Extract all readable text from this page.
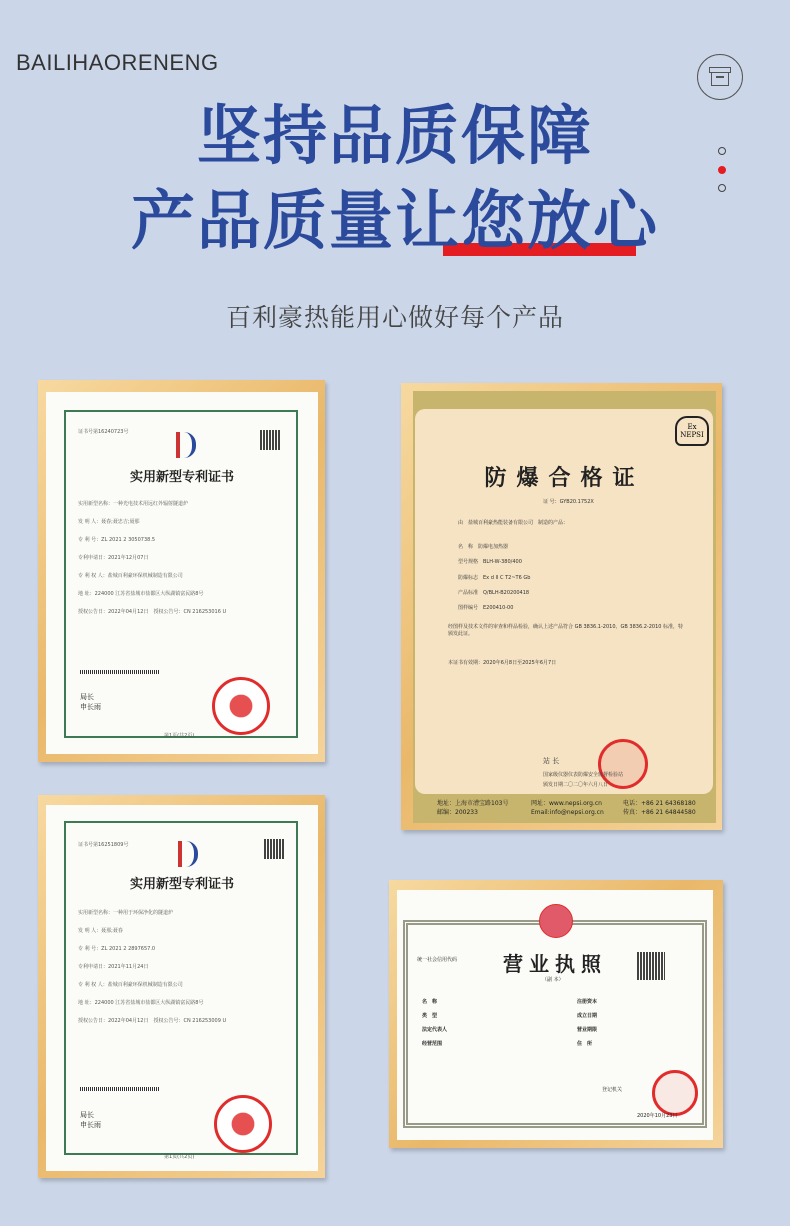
BAILIHAORENENG
坚持品质保障
产品质量让您放心
百利豪热能用心做好每个产品
证书号第16240723号
实用新型专利证书
实用新型名称：一种光电技术用远红外辐射隧道炉
发 明 人：聂春;聂忠吉;聂那
专 利 号：ZL 2021 2 3050738.5
专利申请日：2021年12月07日
专 利 权 人：盐城百利豪环保机械制造有限公司
地 址：224000 江苏省盐城市盐都区大纵湖镇富民路8号
授权公告日：2022年04月12日　授权公告号：CN 216253016 U
局长
申长雨
第1页(共2页)
Ex NEPSI
防爆合格证
证 号：GYB20.1752X
由　盐城百利豪热能装备有限公司　制造的产品：
名　称　防爆电加热器
型号规格　BLH-W-380/400
防爆标志　Ex d II C T2~T6 Gb
产品标准　Q/BLH-B20200418
图样编号　E200410-00
经图样及技术文件的审查和样品检验，确认上述产品符合 GB 3836.1-2010、GB 3836.2-2010 标准，特颁发此证。
本证书有效期：2020年6月8日至2025年6月7日
站 长
国家级仪器仪表防爆安全监督检验站
颁发日期二〇二〇年六月八日
地址：上海市漕宝路103号
邮编：200233
网址：www.nepsi.org.cn
Email:info@nepsi.org.cn
电话：+86 21 64368180
传真：+86 21 64844580
证书号第16251809号
实用新型专利证书
实用新型名称：一种用于环保净化的隧道炉
发 明 人：聂那;聂春
专 利 号：ZL 2021 2 2897657.0
专利申请日：2021年11月24日
专 利 权 人：盐城百利豪环保机械制造有限公司
地 址：224000 江苏省盐城市盐都区大纵湖镇富民路8号
授权公告日：2022年04月12日　授权公告号：CN 216253009 U
局长
申长雨
第1页(共2页)
统一社会信用代码	营业执照
（副 本）
名　称
类　型
法定代表人
经营范围
注册资本
成立日期
营业期限
住　所
登记机关
2020年10月23日
